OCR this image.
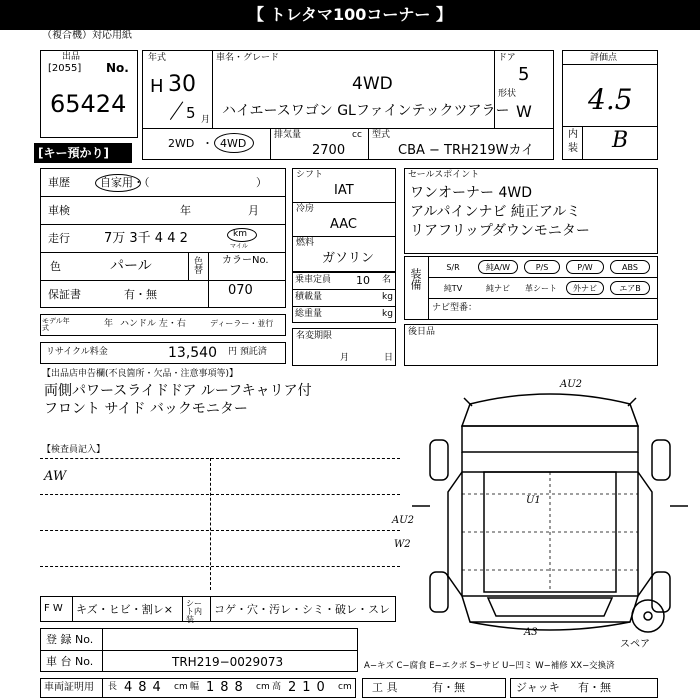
【 トレタマ100コーナー 】
（複合機）対応用紙
出品
[2055] No.
65424
[キー預かり]
年式
H 30
5 月
車名・グレード
4WD
ハイエースワゴン GLファインテックツアラー
ドア
5
形状
W
2WD ・ 4WD
排気量	cc
2700
型式
CBA − TRH219Wカイ
評価点
4.5
内
装 B
車歴	自家用・（	）
車検	年	月
走行	7万 3千 4 4 2	km
マイル
色	パール	色替 カラーNo.
070
保証書	有・無
モデル年式	年 ハンドル 左・右	ディーラー・並行
リサイクル料金	13,540 円 預託済
シフト
IAT
冷房
AAC
燃料
ガソリン
乗車定員 10 名
積載量	kg
総重量	kg
名変期限
月	日
セールスポイント
ワンオーナー 4WD
アルパインナビ 純正アルミ
リアフリップダウンモニター
装備
S/R	純A/W	P/S	P/W	ABS
純TV	純ナビ	革シート	外ナビ	エアB
ナビ型番：
後日品
【出品店申告欄(不良箇所・欠品・注意事項等)】
両側パワースライドドア ルーフキャリア付
フロント サイド バックモニター
【検査員記入】
AW
AU2
AU2
W2
U1
A3
スペア
F W キズ・ヒビ・割レ× シート内装
コゲ・穴・汚レ・シミ・破レ・スレ
登 録 No.
車 台 No.	TRH219−0029073	A−キズ C−腐食 E−エクボ S−サビ U−凹ミ W−補修 XX−交換済
車両証明用 長 484 cm 幅 188 cm 高 210 cm 工 具	有・無	ジャッキ 有・無
